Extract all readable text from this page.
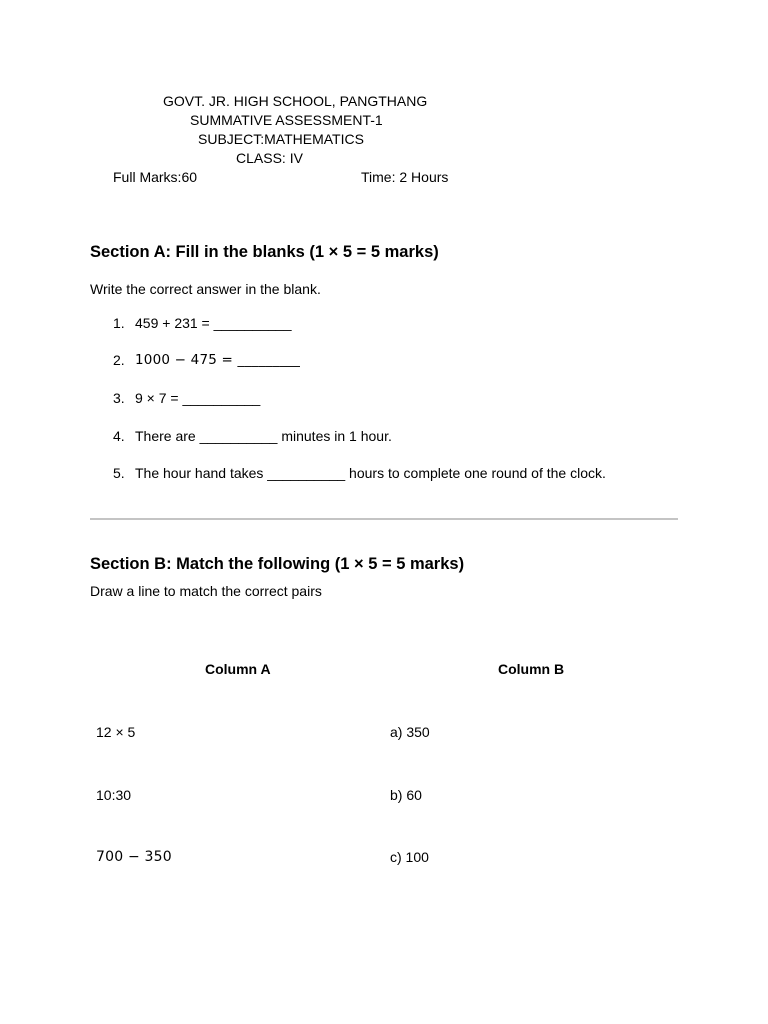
GOVT. JR. HIGH SCHOOL, PANGTHANG
SUMMATIVE ASSESSMENT-1
SUBJECT:MATHEMATICS
CLASS: IV
Full Marks:60	Time: 2 Hours
Section A: Fill in the blanks (1 × 5 = 5 marks)
Write the correct answer in the blank.
1. 459 + 231 = __________
2. 1000 − 475 = _________
3. 9 × 7 = __________
4. There are __________ minutes in 1 hour.
5. The hour hand takes __________ hours to complete one round of the clock.
Section B: Match the following (1 × 5 = 5 marks)
Draw a line to match the correct pairs
Column A	Column B
12 × 5	a) 350
10:30	b) 60
700 − 350	c) 100
